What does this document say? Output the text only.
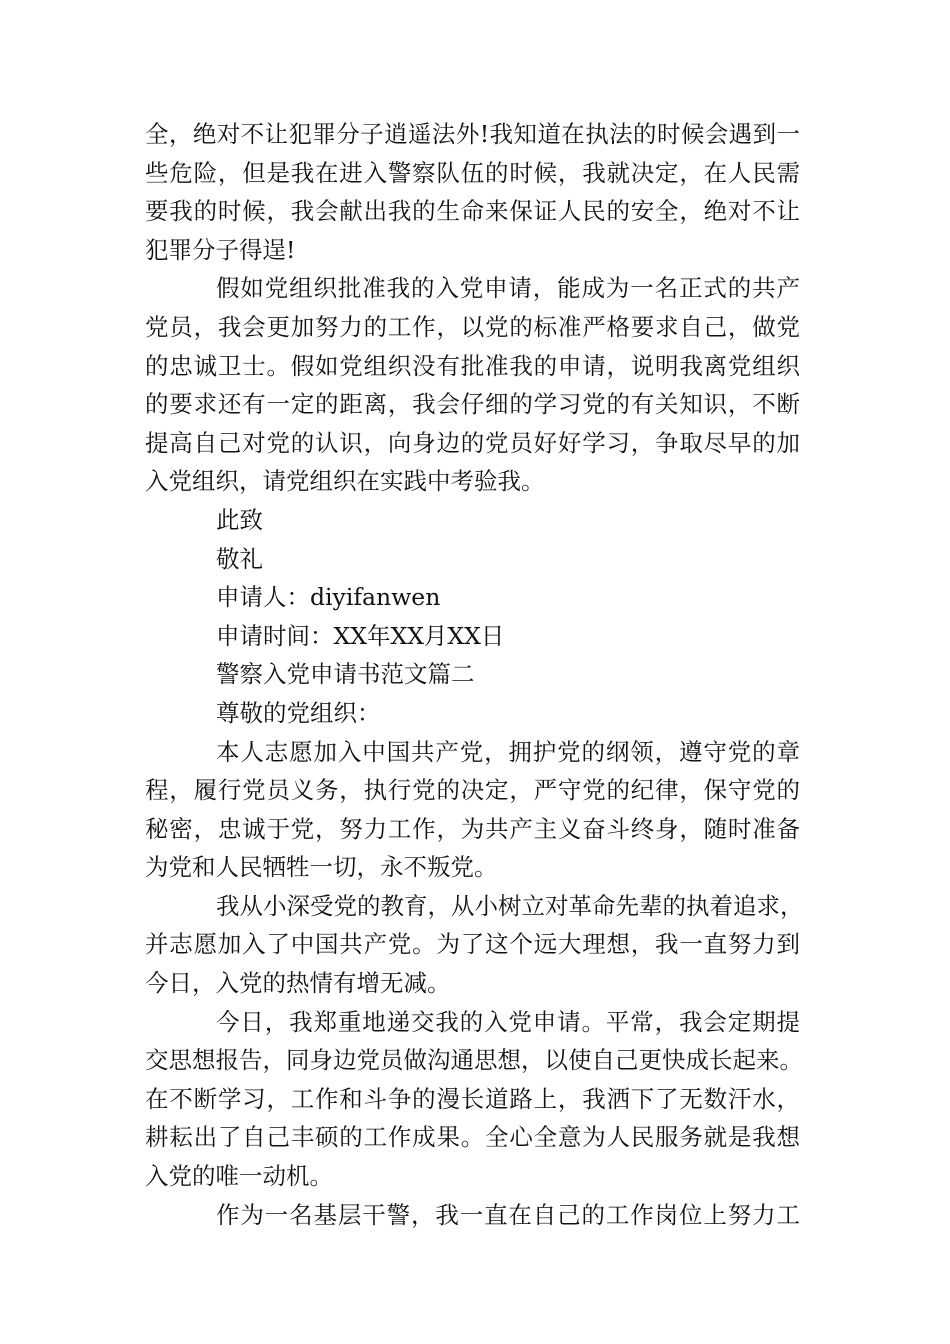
全，绝对不让犯罪分子逍遥法外!我知道在执法的时候会遇到一
些危险，但是我在进入警察队伍的时候，我就决定，在人民需
要我的时候，我会献出我的生命来保证人民的安全，绝对不让
犯罪分子得逞!
假如党组织批准我的入党申请，能成为一名正式的共产
党员，我会更加努力的工作，以党的标准严格要求自己，做党
的忠诚卫士。假如党组织没有批准我的申请，说明我离党组织
的要求还有一定的距离，我会仔细的学习党的有关知识，不断
提高自己对党的认识，向身边的党员好好学习，争取尽早的加
入党组织，请党组织在实践中考验我。
此致
敬礼
申请人：diyifanwen
申请时间：XX年XX月XX日
警察入党申请书范文篇二
尊敬的党组织：
本人志愿加入中国共产党，拥护党的纲领，遵守党的章
程，履行党员义务，执行党的决定，严守党的纪律，保守党的
秘密，忠诚于党，努力工作，为共产主义奋斗终身，随时准备
为党和人民牺牲一切，永不叛党。
我从小深受党的教育，从小树立对革命先辈的执着追求，
并志愿加入了中国共产党。为了这个远大理想，我一直努力到
今日，入党的热情有增无减。
今日，我郑重地递交我的入党申请。平常，我会定期提
交思想报告，同身边党员做沟通思想，以使自己更快成长起来。
在不断学习，工作和斗争的漫长道路上，我洒下了无数汗水，
耕耘出了自己丰硕的工作成果。全心全意为人民服务就是我想
入党的唯一动机。
作为一名基层干警，我一直在自己的工作岗位上努力工
